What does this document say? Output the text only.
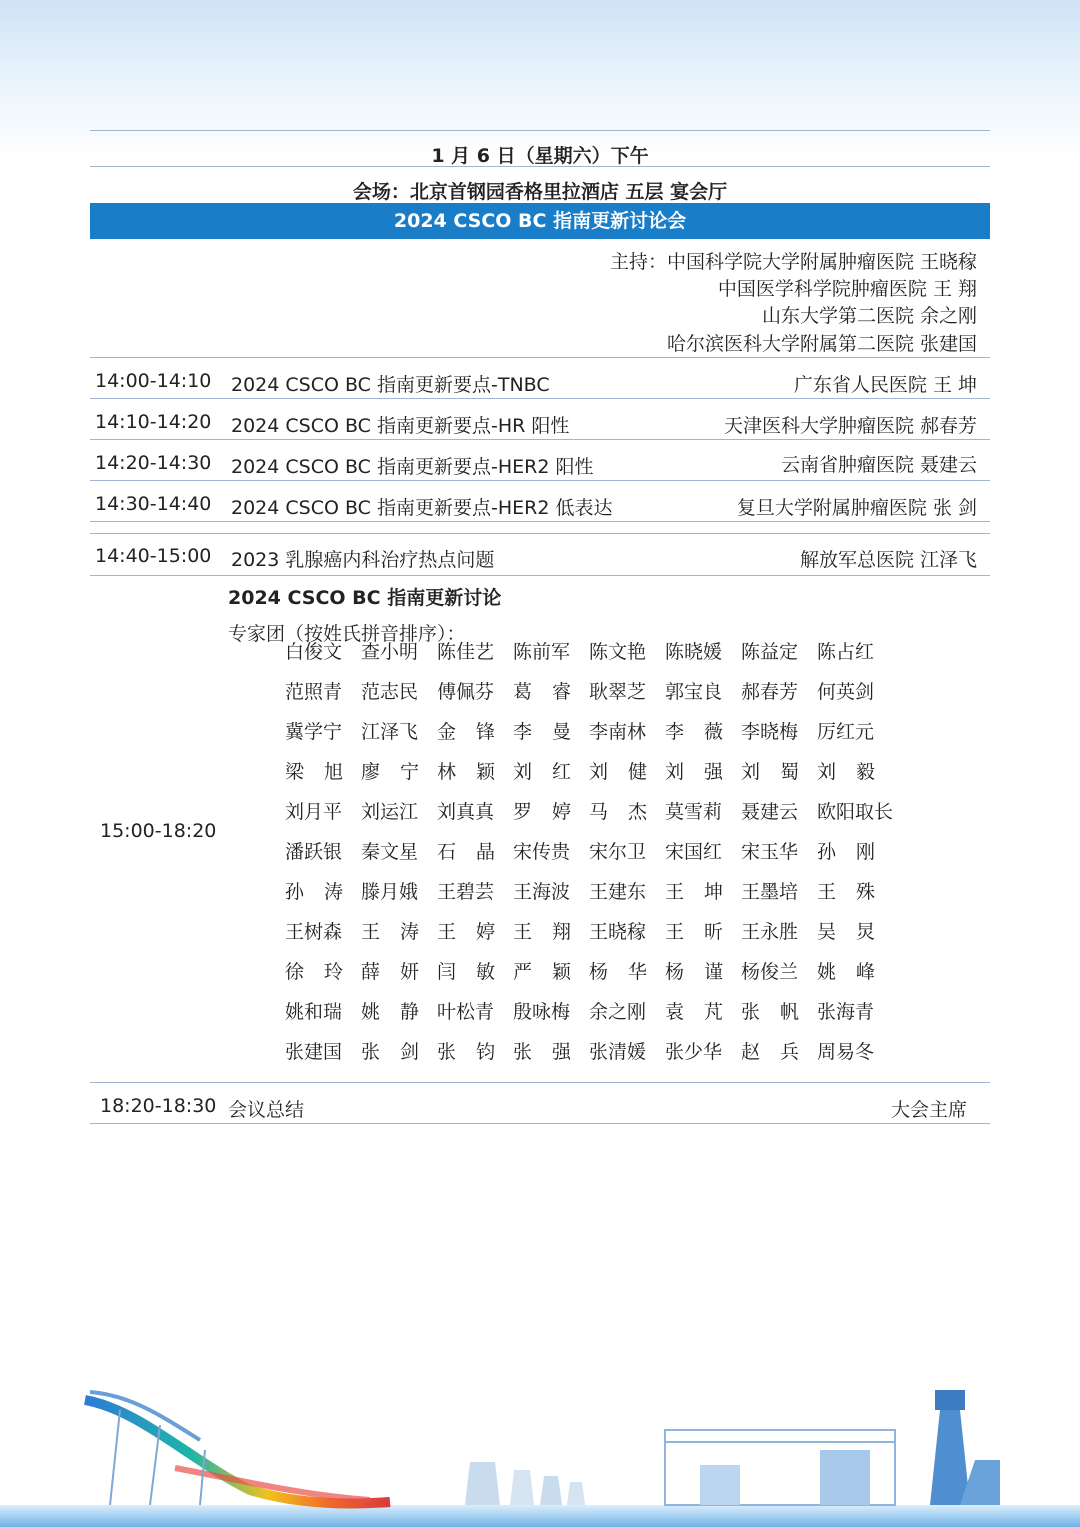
1 月 6 日（星期六）下午
会场：北京首钢园香格里拉酒店 五层 宴会厅
2024 CSCO BC 指南更新讨论会
主持：中国科学院大学附属肿瘤医院 王晓稼
中国医学科学院肿瘤医院 王 翔
山东大学第二医院 余之刚
哈尔滨医科大学附属第二医院 张建国
14:00-14:10 2024 CSCO BC 指南更新要点-TNBC	广东省人民医院 王 坤
14:10-14:20 2024 CSCO BC 指南更新要点-HR 阳性	天津医科大学肿瘤医院 郝春芳
14:20-14:30 2024 CSCO BC 指南更新要点-HER2 阳性	云南省肿瘤医院 聂建云
14:30-14:40 2024 CSCO BC 指南更新要点-HER2 低表达	复旦大学附属肿瘤医院 张 剑
14:40-15:00 2023 乳腺癌内科治疗热点问题	解放军总医院 江泽飞
15:00-18:20
2024 CSCO BC 指南更新讨论
专家团（按姓氏拼音排序）：
白俊文 查小明 陈佳艺 陈前军 陈文艳 陈晓媛 陈益定 陈占红
范照青 范志民 傅佩芬 葛睿 耿翠芝 郭宝良 郝春芳 何英剑
冀学宁 江泽飞 金锋 李曼 李南林 李薇 李晓梅 厉红元
梁旭 廖宁 林颖 刘红 刘健 刘强 刘蜀 刘毅
刘月平 刘运江 刘真真 罗婷 马杰 莫雪莉 聂建云 欧阳取长
潘跃银 秦文星 石晶 宋传贵 宋尔卫 宋国红 宋玉华 孙刚
孙涛 滕月娥 王碧芸 王海波 王建东 王坤 王墨培 王殊
王树森 王涛 王婷 王翔 王晓稼 王昕 王永胜 吴炅
徐玲 薛妍 闫敏 严颖 杨华 杨谨 杨俊兰 姚峰
姚和瑞 姚静 叶松青 殷咏梅 余之刚 袁芃 张帆 张海青
张建国 张剑 张钧 张强 张清媛 张少华 赵兵 周易冬
18:20-18:30 会议总结	大会主席
